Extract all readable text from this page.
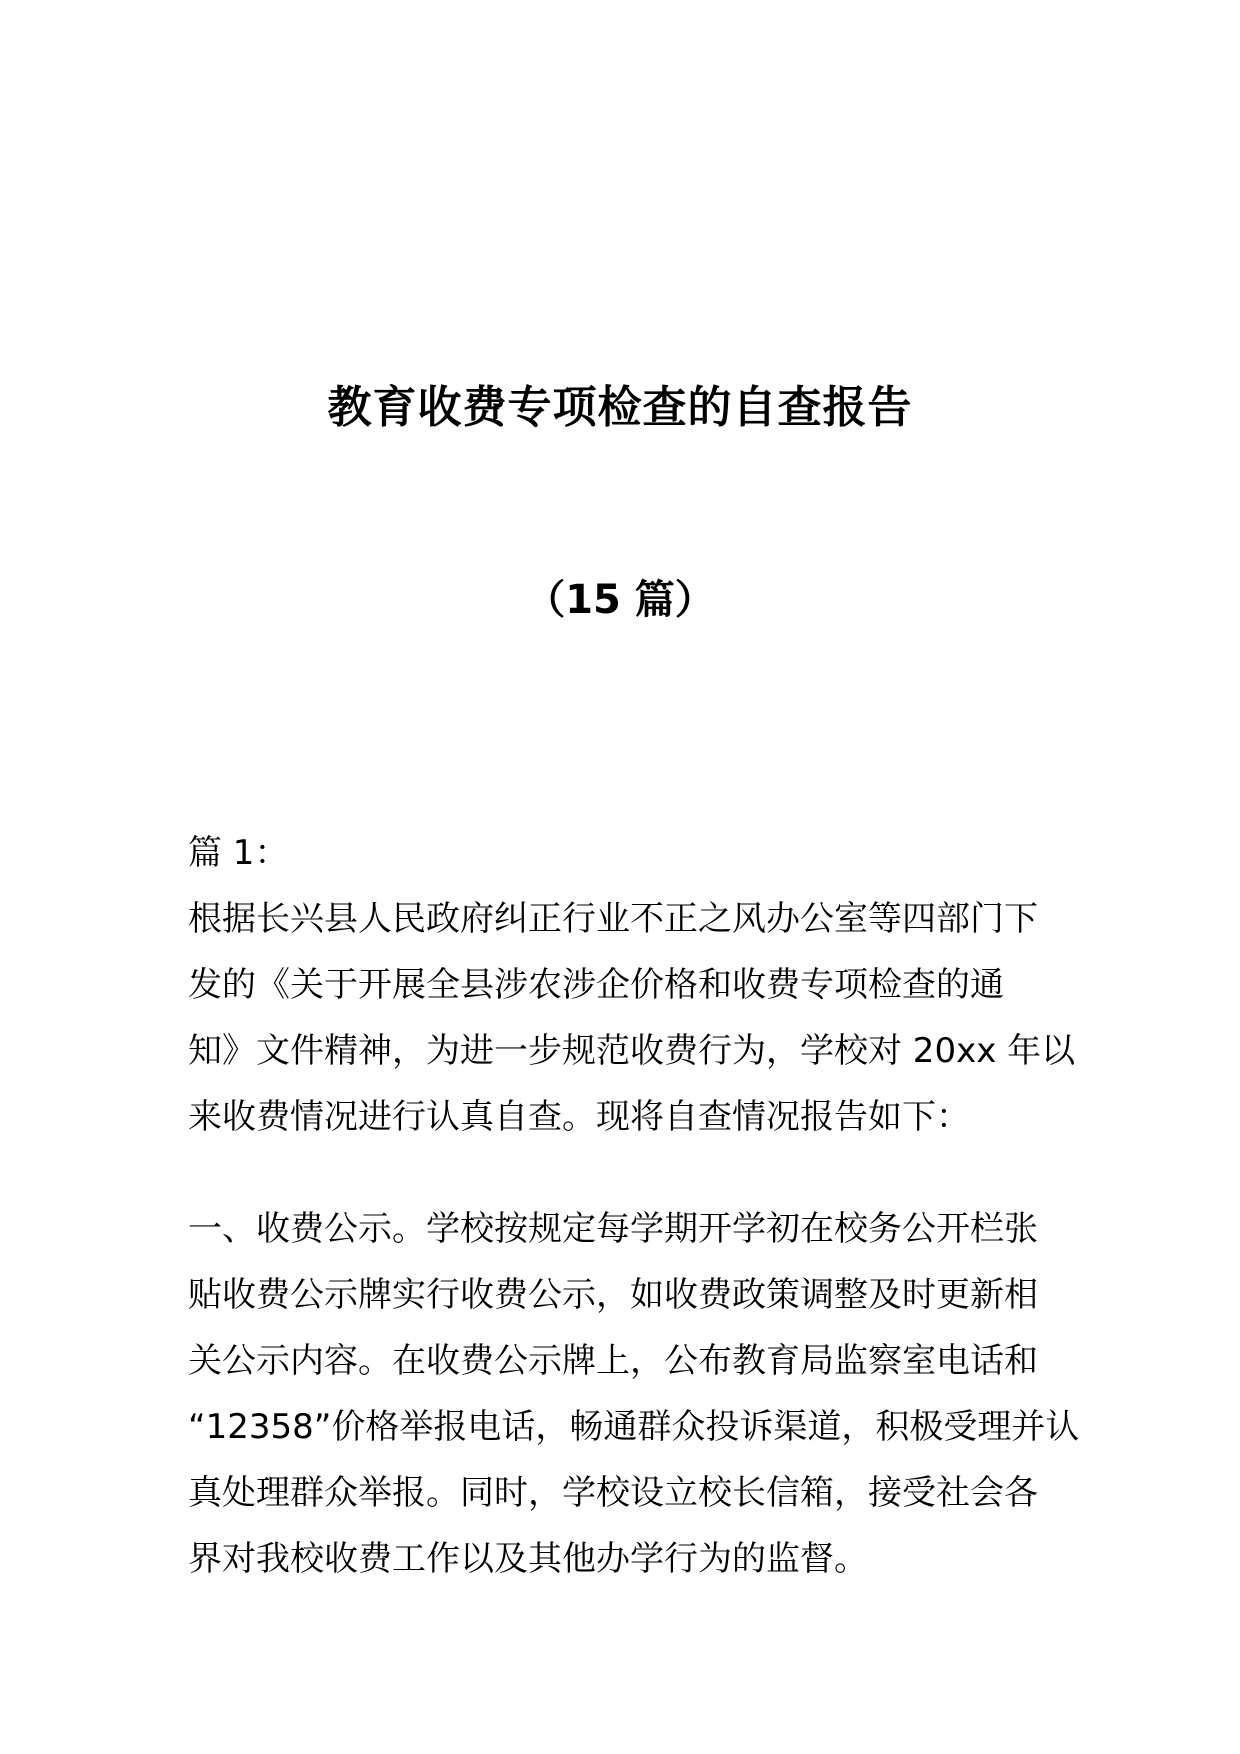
教育收费专项检查的自查报告
（15 篇）
篇 1：
根据长兴县人民政府纠正行业不正之风办公室等四部门下
发的《关于开展全县涉农涉企价格和收费专项检查的通
知》文件精神，为进一步规范收费行为，学校对 20xx 年以
来收费情况进行认真自查。现将自查情况报告如下：
一、收费公示。学校按规定每学期开学初在校务公开栏张
贴收费公示牌实行收费公示，如收费政策调整及时更新相
关公示内容。在收费公示牌上，公布教育局监察室电话和
“12358”价格举报电话，畅通群众投诉渠道，积极受理并认
真处理群众举报。同时，学校设立校长信箱，接受社会各
界对我校收费工作以及其他办学行为的监督。
